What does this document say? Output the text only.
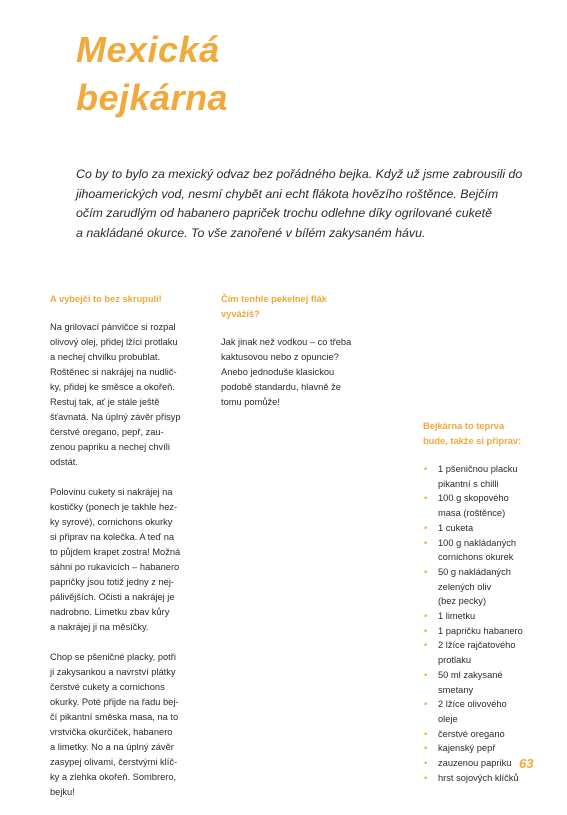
Mexická
bejkárna

Co by to bylo za mexický odvaz bez pořádného bejka. Když už jsme zabrousili do
jihoamerických vod, nesmí chybět ani echt flákota hovězího roštěnce. Bejčím
očím zarudlým od habanero papriček trochu odlehne díky ogrilované cuketě
a nakládané okurce. To vše zanořené v bílém zakysaném hávu.

A vybejči to bez skrupulí!

Na grilovací pánvičce si rozpal
olivový olej, přidej lžíci protlaku
a nechej chvilku probublat.
Roštěnec si nakrájej na nudlič-
ky, přidej ke směsce a okořeň.
Restuj tak, ať je stále ještě
šťavnatá. Na úplný závěr přisyp
čerstvé oregano, pepř, zau-
zenou papriku a nechej chvíli
odstát.

Polovinu cukety si nakrájej na
kostičky (ponech je takhle hez-
ky syrové), cornichons okurky
si připrav na kolečka. A teď na
to půjdem krapet zostra! Možná
sáhni po rukavicích – habanero
papričky jsou totiž jedny z nej-
pálivějších. Očisti a nakrájej je
nadrobno. Limetku zbav kůry
a nakrájej ji na měsíčky.

Chop se pšeničné placky, potři
ji zakysankou a navrství plátky
čerstvé cukety a cornichons
okurky. Poté přijde na řadu bej-
čí pikantní směska masa, na to
vrstvička okurčiček, habanero
a limetky. No a na úplný závěr
zasypej olivami, čerstvými klíč-
ky a zlehka okořeň. Sombrero,
bejku!

Čím tenhle pekelnej flák
vyvážíš?

Jak jinak než vodkou – co třeba
kaktusovou nebo z opuncie?
Anebo jednoduše klasickou
podobě standardu, hlavně že
tomu pomůže!

Bejkárna to teprva
bude, takže si připrav:
• 1 pšeničnou placku
pikantní s chilli
• 100 g skopového
masa (roštěnce)
• 1 cuketa
• 100 g nakládaných
cornichons okurek
• 50 g nakládaných
zelených oliv
(bez pecky)
• 1 limetku
• 1 papričku habanero
• 2 lžíce rajčatového
protlaku
• 50 ml zakysané
smetany
• 2 lžíce olivového
oleje
• čerstvé oregano
• kajenský pepř
• zauzenou papriku
• hrst sojových klíčků
63
